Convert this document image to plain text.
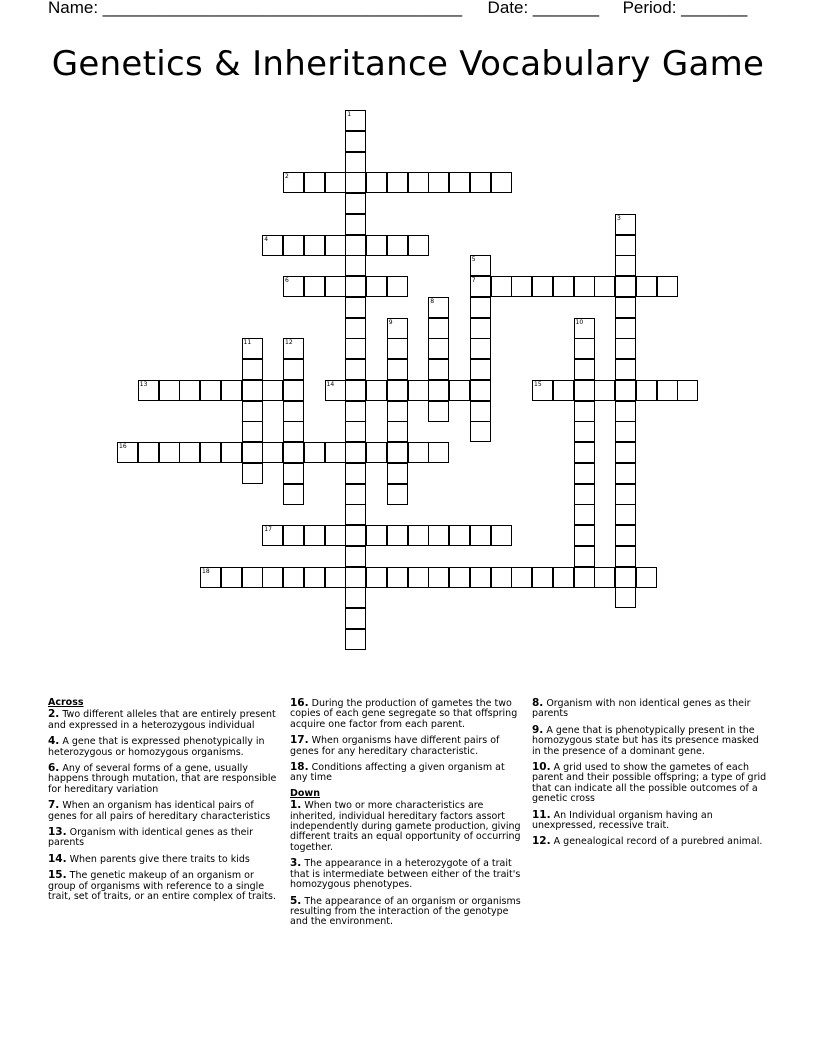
Name: ______________________________________ Date: _______ Period: _______
Genetics & Inheritance Vocabulary Game
1
2
3
4
5
7
6
8
9	10
11	12
13	14	15
16
17
18
Across
2. Two different alleles that are entirely present and expressed in a heterozygous individual
4. A gene that is expressed phenotypically in heterozygous or homozygous organisms.
6. Any of several forms of a gene, usually happens through mutation, that are responsible for hereditary variation
7. When an organism has identical pairs of genes for all pairs of hereditary characteristics
13. Organism with identical genes as their parents
14. When parents give there traits to kids
15. The genetic makeup of an organism or group of organisms with reference to a single trait, set of traits, or an entire complex of traits.
16. During the production of gametes the two copies of each gene segregate so that offspring acquire one factor from each parent.
17. When organisms have different pairs of genes for any hereditary characteristic.
18. Conditions affecting a given organism at any time
Down
1. When two or more characteristics are inherited, individual hereditary factors assort independently during gamete production, giving different traits an equal opportunity of occurring together.
3. The appearance in a heterozygote of a trait that is intermediate between either of the trait's homozygous phenotypes.
5. The appearance of an organism or organisms resulting from the interaction of the genotype and the environment.
8. Organism with non identical genes as their parents
9. A gene that is phenotypically present in the homozygous state but has its presence masked in the presence of a dominant gene.
10. A grid used to show the gametes of each parent and their possible offspring; a type of grid that can indicate all the possible outcomes of a genetic cross
11. An Individual organism having an unexpressed, recessive trait.
12. A genealogical record of a purebred animal.
